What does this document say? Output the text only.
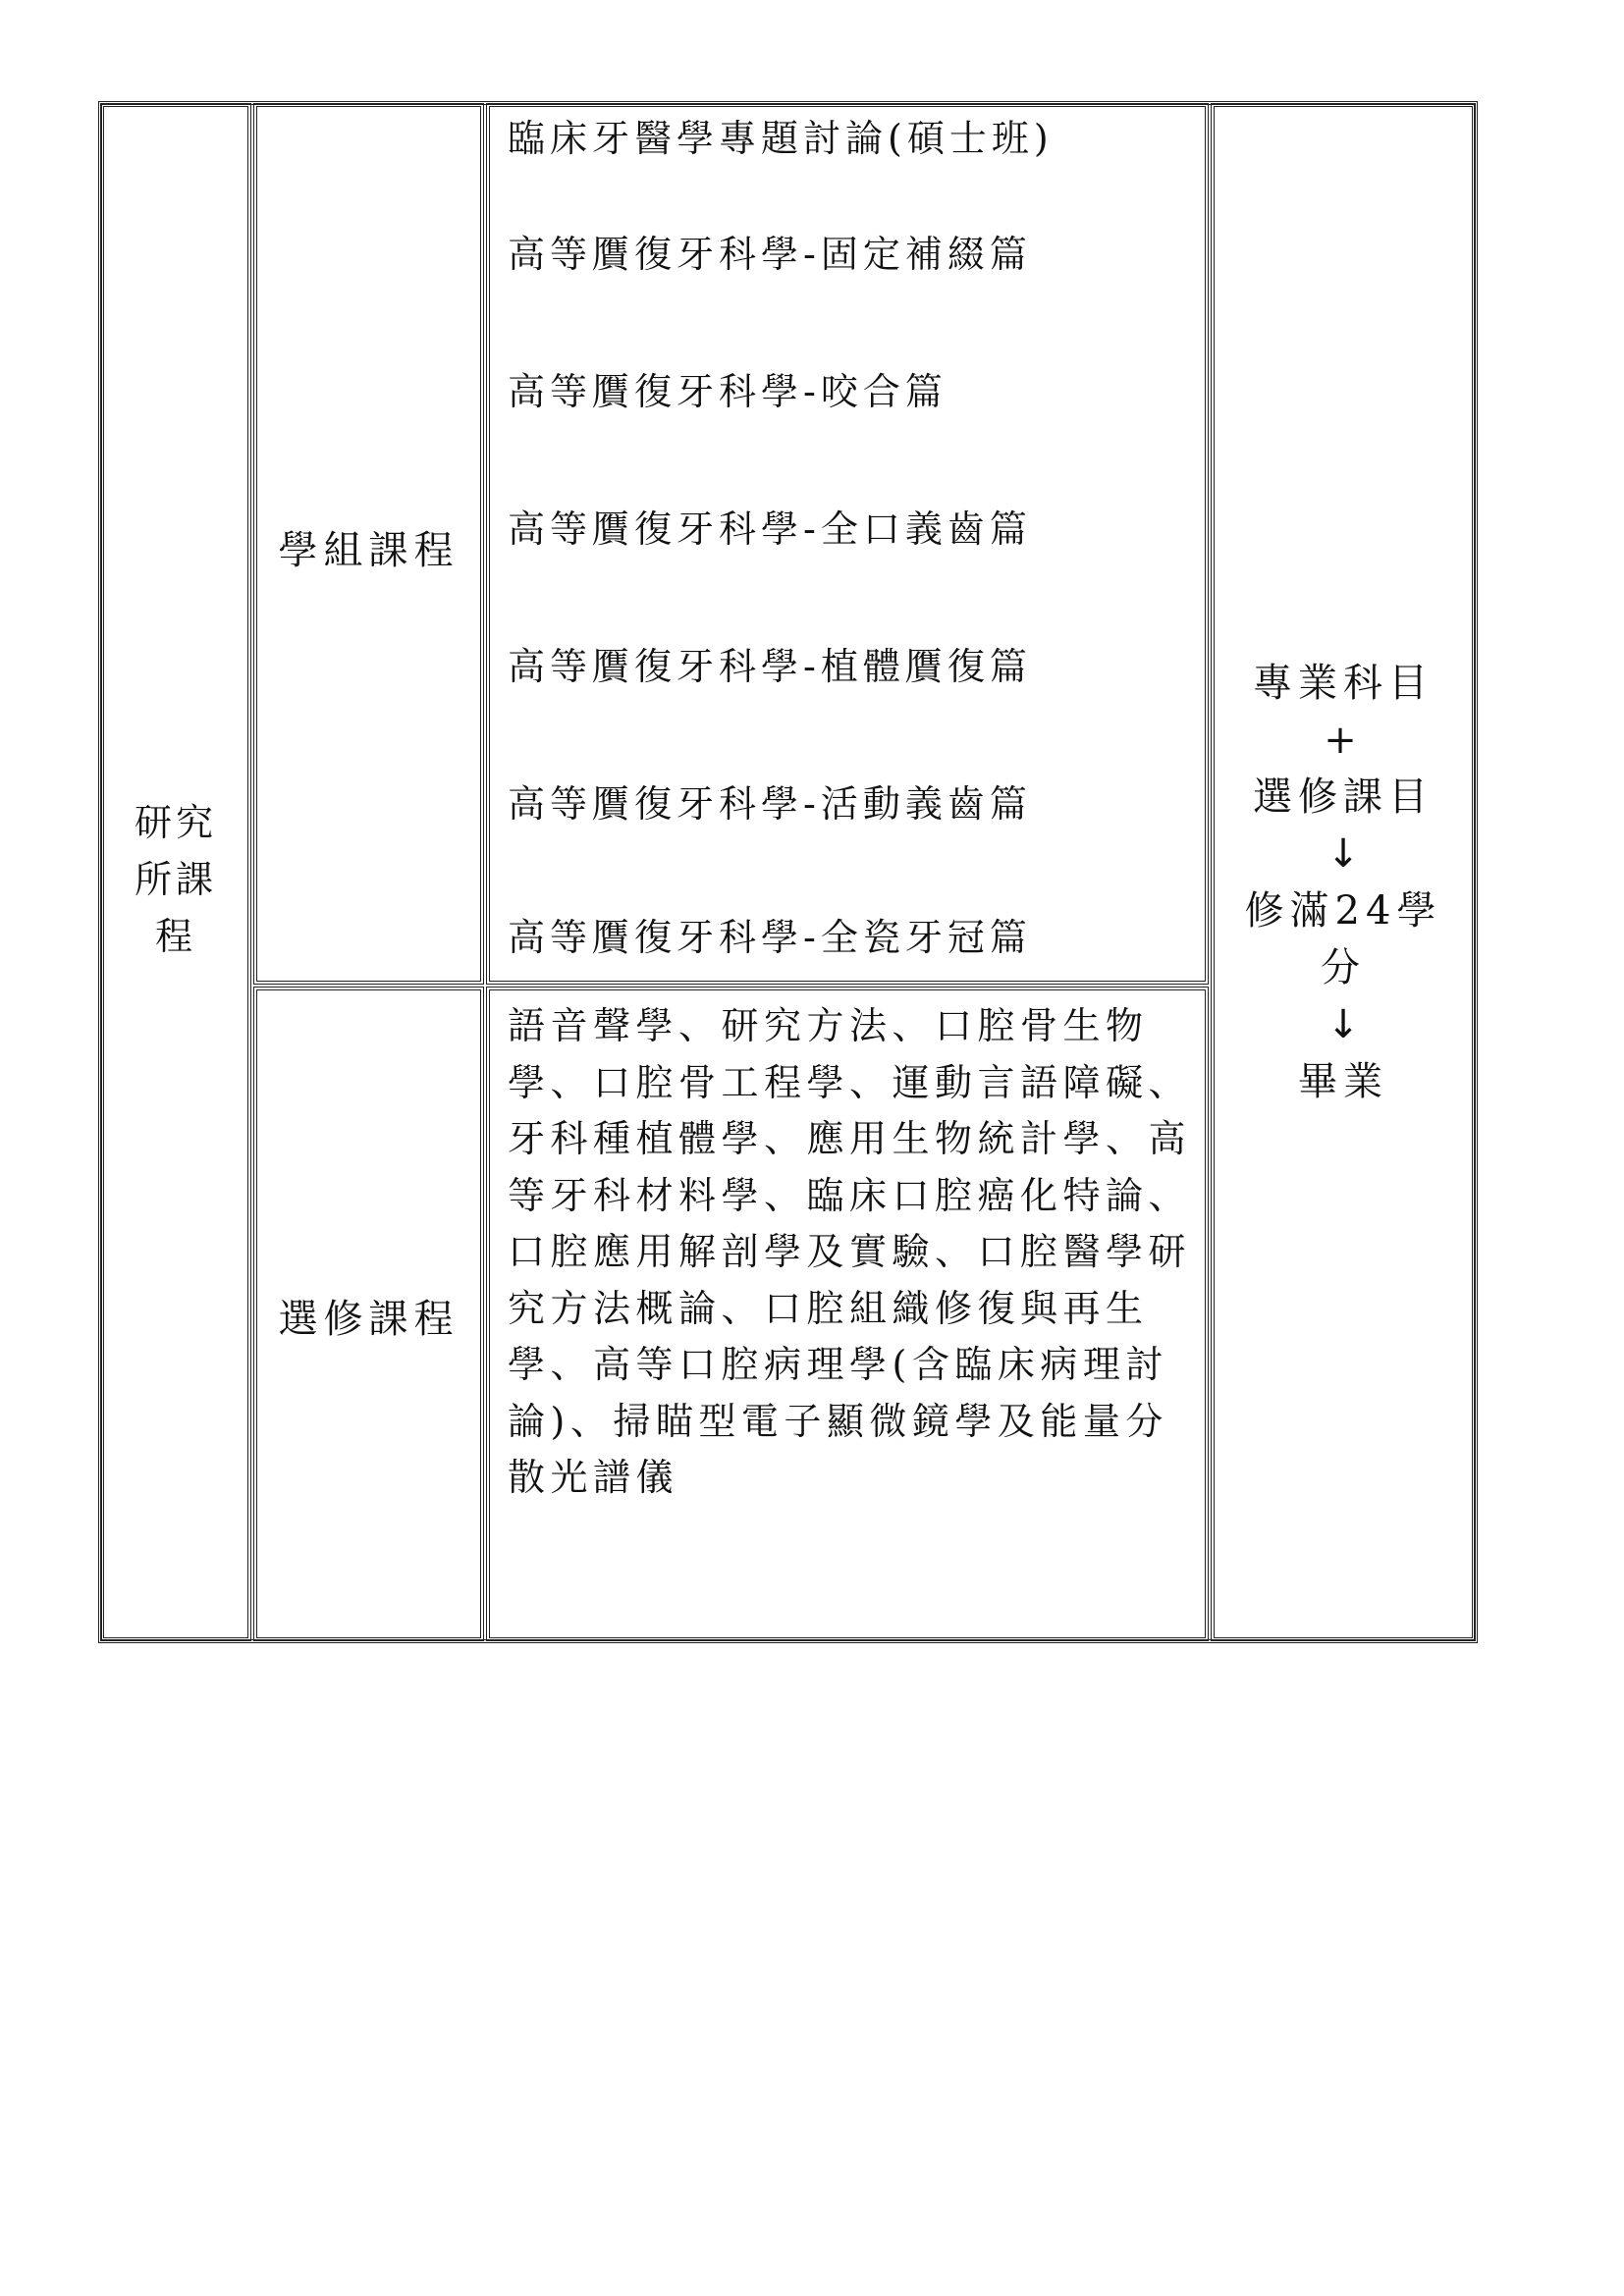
研究
所課
程
學組課程
選修課程
臨床牙醫學專題討論(碩士班)
高等贋復牙科學-固定補綴篇
高等贋復牙科學-咬合篇
高等贋復牙科學-全口義齒篇
高等贋復牙科學-植體贋復篇
高等贋復牙科學-活動義齒篇
高等贋復牙科學-全瓷牙冠篇
語音聲學、研究方法、口腔骨生物學、口腔骨工程學、運動言語障礙、牙科種植體學、應用生物統計學、高等牙科材料學、臨床口腔癌化特論、口腔應用解剖學及實驗、口腔醫學研究方法概論、口腔組織修復與再生學、高等口腔病理學(含臨床病理討論)、掃瞄型電子顯微鏡學及能量分散光譜儀
專業科目
+
選修課目
↓
修滿24學
分
↓
畢業
